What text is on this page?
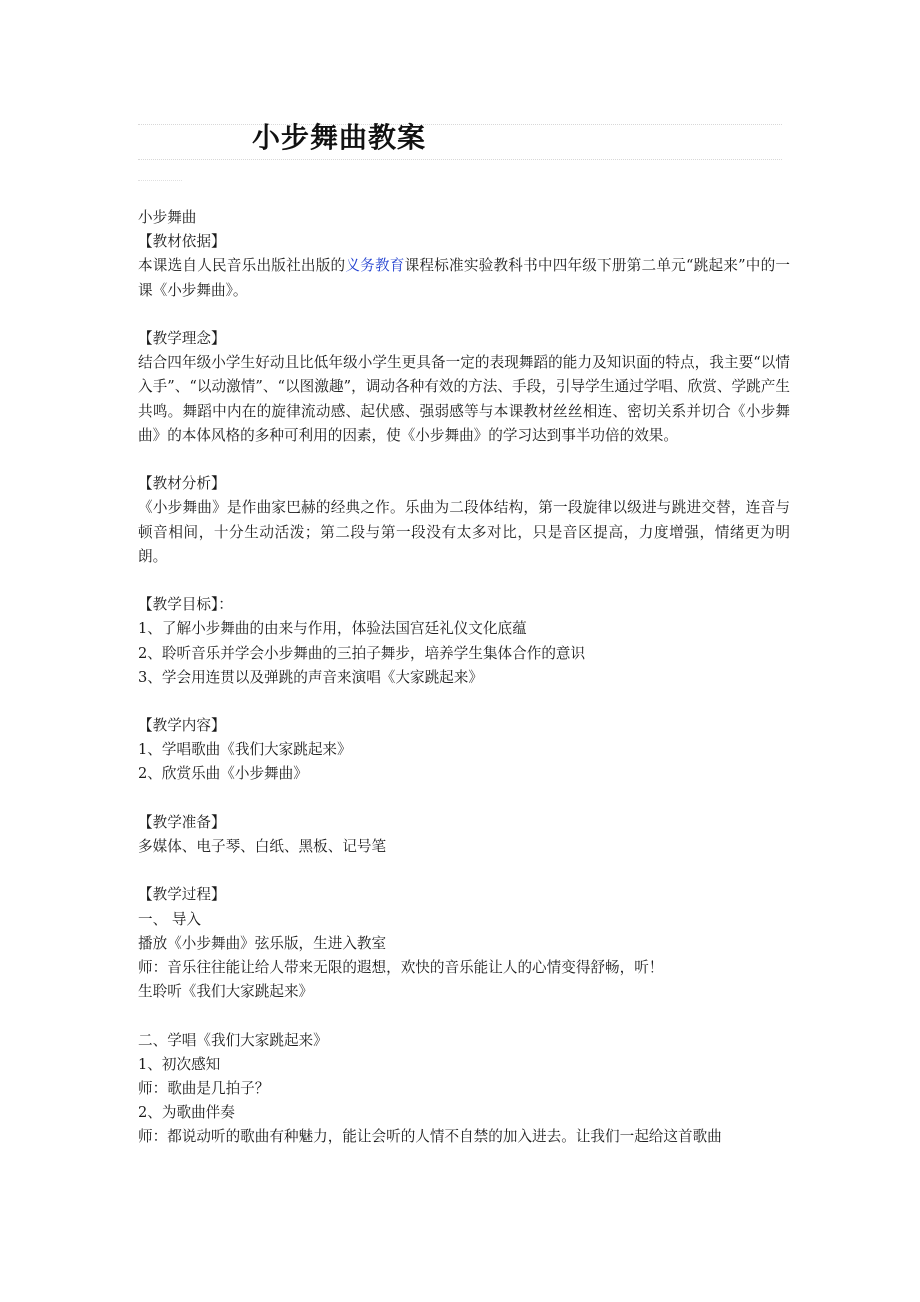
小步舞曲教案
小步舞曲
【教材依据】
本课选自人民音乐出版社出版的义务教育课程标准实验教科书中四年级下册第二单元“跳起来”中的一课《小步舞曲》。
【教学理念】
结合四年级小学生好动且比低年级小学生更具备一定的表现舞蹈的能力及知识面的特点，我主要“以情入手”、“以动激情”、“以图激趣”，调动各种有效的方法、手段，引导学生通过学唱、欣赏、学跳产生共鸣。舞蹈中内在的旋律流动感、起伏感、强弱感等与本课教材丝丝相连、密切关系并切合《小步舞曲》的本体风格的多种可利用的因素，使《小步舞曲》的学习达到事半功倍的效果。
【教材分析】
《小步舞曲》是作曲家巴赫的经典之作。乐曲为二段体结构，第一段旋律以级进与跳进交替，连音与顿音相间，十分生动活泼；第二段与第一段没有太多对比，只是音区提高，力度增强，情绪更为明朗。
【教学目标】：
1、了解小步舞曲的由来与作用，体验法国宫廷礼仪文化底蕴
2、聆听音乐并学会小步舞曲的三拍子舞步，培养学生集体合作的意识
3、学会用连贯以及弹跳的声音来演唱《大家跳起来》
【教学内容】
1、学唱歌曲《我们大家跳起来》
2、欣赏乐曲《小步舞曲》
【教学准备】
多媒体、电子琴、白纸、黑板、记号笔
【教学过程】
一、 导入
播放《小步舞曲》弦乐版，生进入教室
师：音乐往往能让给人带来无限的遐想，欢快的音乐能让人的心情变得舒畅，听！
生聆听《我们大家跳起来》
二、学唱《我们大家跳起来》
1、初次感知
师：歌曲是几拍子？
2、为歌曲伴奏
师：都说动听的歌曲有种魅力，能让会听的人情不自禁的加入进去。让我们一起给这首歌曲
